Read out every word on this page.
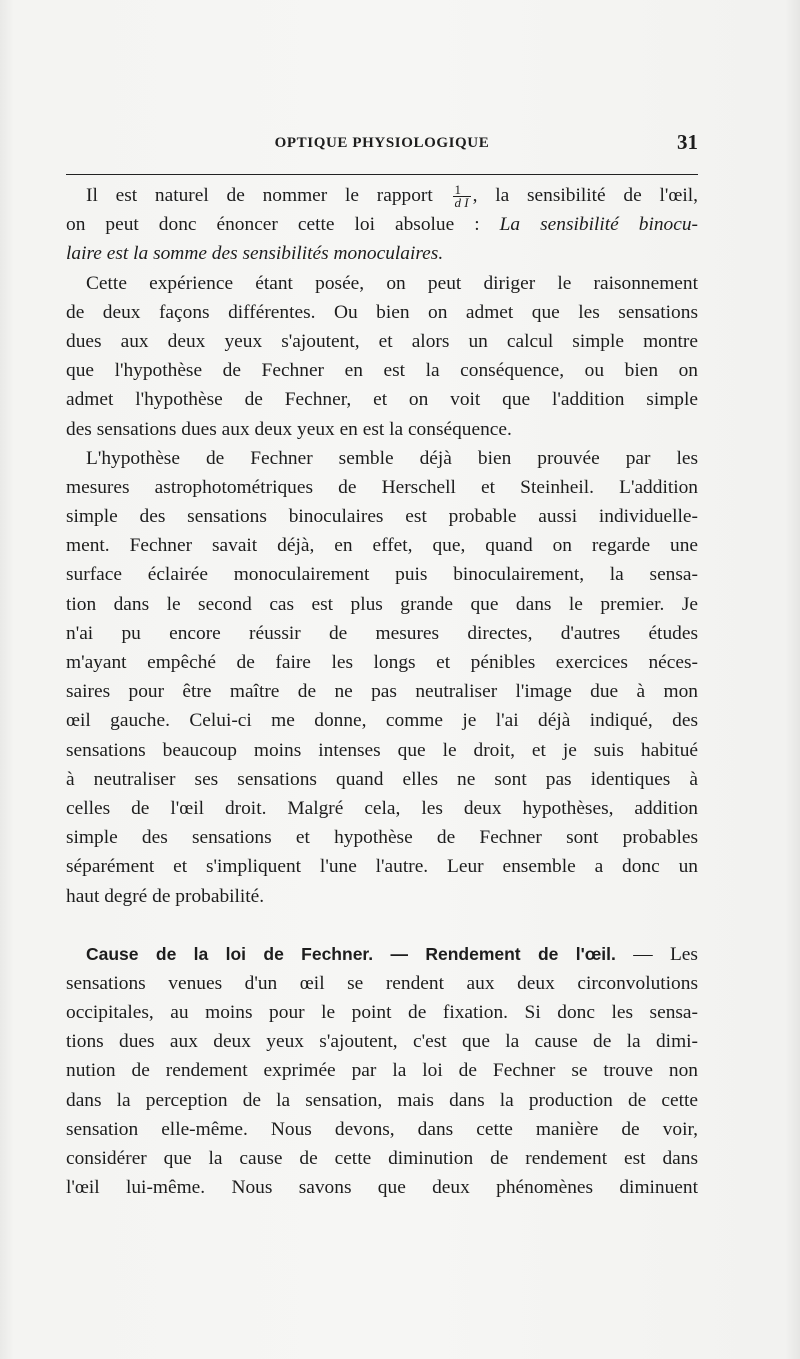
OPTIQUE PHYSIOLOGIQUE	31
Il est naturel de nommer le rapport $\frac{1}{\text{d I}}$ , la sensibilité de l'œil,
on peut donc énoncer cette loi absolue : La sensibilité binocu-
laire est la somme des sensibilités monoculaires.
Cette expérience étant posée, on peut diriger le raisonnement
de deux façons différentes. Ou bien on admet que les sensations
dues aux deux yeux s'ajoutent, et alors un calcul simple montre
que l'hypothèse de Fechner en est la conséquence, ou bien on
admet l'hypothèse de Fechner, et on voit que l'addition simple
des sensations dues aux deux yeux en est la conséquence.
L'hypothèse de Fechner semble déjà bien prouvée par les
mesures astrophotométriques de Herschell et Steinheil. L'addition
simple des sensations binoculaires est probable aussi individuelle-
ment. Fechner savait déjà, en effet, que, quand on regarde une
surface éclairée monoculairement puis binoculairement, la sensa-
tion dans le second cas est plus grande que dans le premier. Je
n'ai pu encore réussir de mesures directes, d'autres études
m'ayant empêché de faire les longs et pénibles exercices néces-
saires pour être maître de ne pas neutraliser l'image due à mon
œil gauche. Celui-ci me donne, comme je l'ai déjà indiqué, des
sensations beaucoup moins intenses que le droit, et je suis habitué
à neutraliser ses sensations quand elles ne sont pas identiques à
celles de l'œil droit. Malgré cela, les deux hypothèses, addition
simple des sensations et hypothèse de Fechner sont probables
séparément et s'impliquent l'une l'autre. Leur ensemble a donc un
haut degré de probabilité.
Cause de la loi de Fechner. — Rendement de l'œil. — Les
sensations venues d'un œil se rendent aux deux circonvolutions
occipitales, au moins pour le point de fixation. Si donc les sensa-
tions dues aux deux yeux s'ajoutent, c'est que la cause de la dimi-
nution de rendement exprimée par la loi de Fechner se trouve non
dans la perception de la sensation, mais dans la production de cette
sensation elle-même. Nous devons, dans cette manière de voir,
considérer que la cause de cette diminution de rendement est dans
l'œil lui-même. Nous savons que deux phénomènes diminuent
